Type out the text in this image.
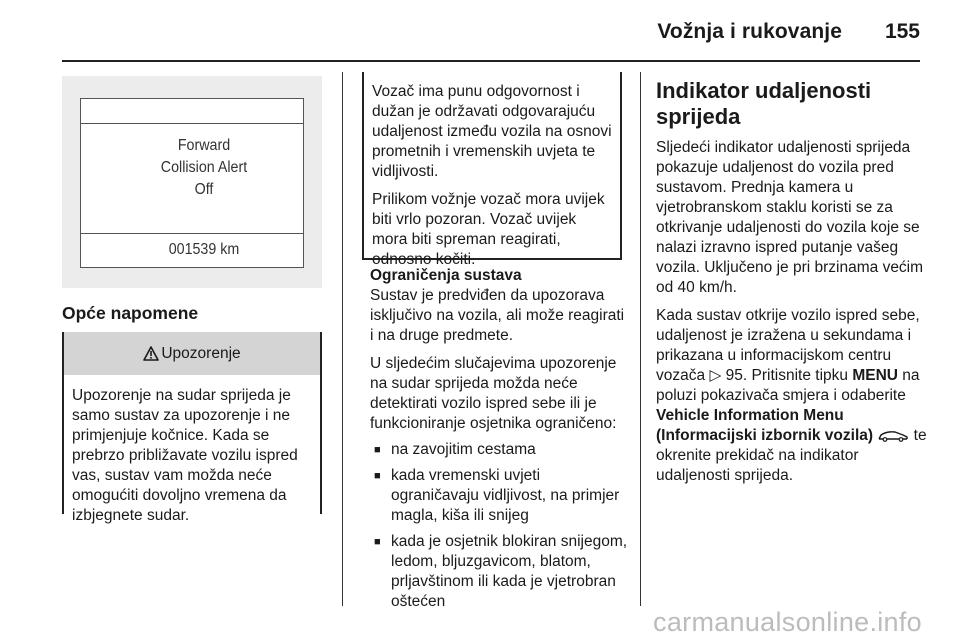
Vožnja i rukovanje 155
Forward
Collision Alert
Off
001539 km
Opće napomene
Upozorenje
Upozorenje na sudar sprijeda je samo sustav za upozorenje i ne primjenjuje kočnice. Kada se prebrzo približavate vozilu ispred vas, sustav vam možda neće omogućiti dovoljno vremena da izbjegnete sudar.

Vozač ima punu odgovornost i dužan je održavati odgovarajuću udaljenost između vozila na osnovi prometnih i vremenskih uvjeta te vidljivosti.

Prilikom vožnje vozač mora uvijek biti vrlo pozoran. Vozač uvijek mora biti spreman reagirati, odnosno kočiti.

Ograničenja sustava

Sustav je predviđen da upozorava isključivo na vozila, ali može reagirati i na druge predmete.

U sljedećim slučajevima upozorenje na sudar sprijeda možda neće detektirati vozilo ispred sebe ili je funkcioniranje osjetnika ograničeno:

■ na zavojitim cestama
■ kada vremenski uvjeti ograničavaju vidljivost, na primjer magla, kiša ili snijeg
■ kada je osjetnik blokiran snijegom, ledom, bljuzgavicom, blatom, prljavštinom ili kada je vjetrobran oštećen
Indikator udaljenosti sprijeda

Sljedeći indikator udaljenosti sprijeda pokazuje udaljenost do vozila pred sustavom. Prednja kamera u vjetrobranskom staklu koristi se za otkrivanje udaljenosti do vozila koje se nalazi izravno ispred putanje vašeg vozila. Uključeno je pri brzinama većim od 40 km/h.

Kada sustav otkrije vozilo ispred sebe, udaljenost je izražena u sekundama i prikazana u informacijskom centru vozača ▷ 95. Pritisnite tipku MENU na poluzi pokazivača smjera i odaberite Vehicle Information Menu (Informacijski izbornik vozila)	te okrenite prekidač na indikator udaljenosti sprijeda.

carmanualsonline.info
